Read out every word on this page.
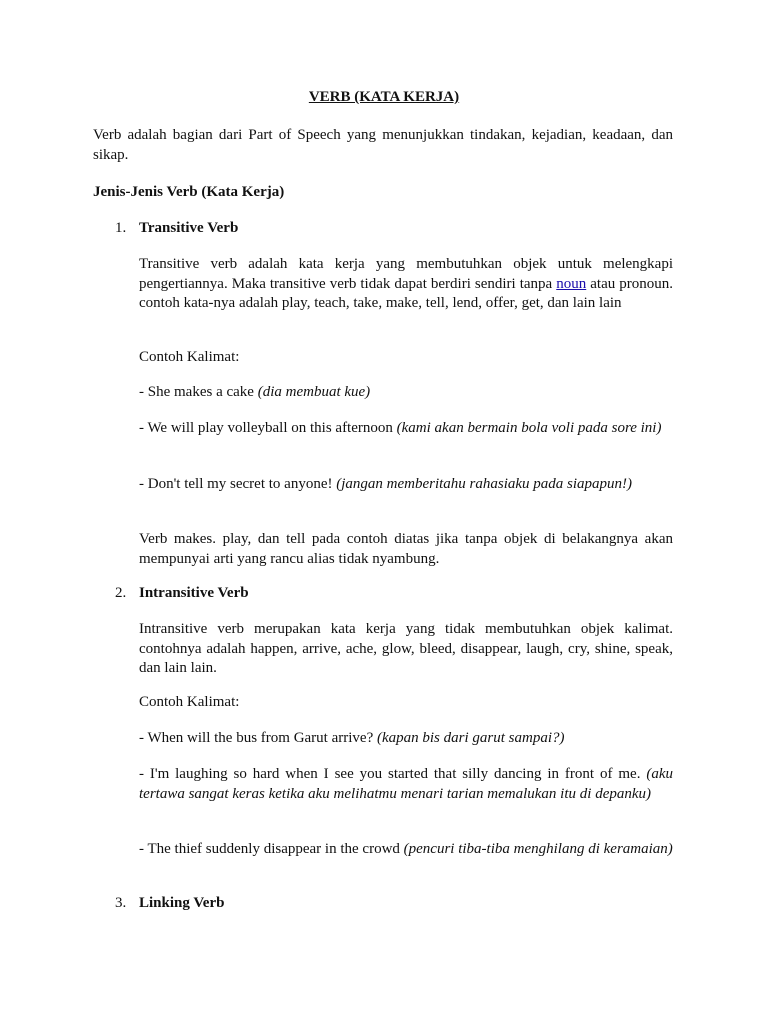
VERB (KATA KERJA)

Verb adalah bagian dari Part of Speech yang menunjukkan tindakan, kejadian, keadaan, dan sikap.

Jenis-Jenis Verb (Kata Kerja)
1. Transitive Verb

Transitive verb adalah kata kerja yang membutuhkan objek untuk melengkapi pengertiannya. Maka transitive verb tidak dapat berdiri sendiri tanpa noun atau pronoun. contoh kata-nya adalah play, teach, take, make, tell, lend, offer, get, dan lain lain

Contoh Kalimat:

- She makes a cake (dia membuat kue)

- We will play volleyball on this afternoon (kami akan bermain bola voli pada sore ini)

- Don't tell my secret to anyone! (jangan memberitahu rahasiaku pada siapapun!)

Verb makes. play, dan tell pada contoh diatas jika tanpa objek di belakangnya akan mempunyai arti yang rancu alias tidak nyambung.

2. Intransitive Verb

Intransitive verb merupakan kata kerja yang tidak membutuhkan objek kalimat. contohnya adalah happen, arrive, ache, glow, bleed, disappear, laugh, cry, shine, speak, dan lain lain.

Contoh Kalimat:

- When will the bus from Garut arrive? (kapan bis dari garut sampai?)

- I'm laughing so hard when I see you started that silly dancing in front of me. (aku tertawa sangat keras ketika aku melihatmu menari tarian memalukan itu di depanku)

- The thief suddenly disappear in the crowd (pencuri tiba-tiba menghilang di keramaian)

3. Linking Verb
